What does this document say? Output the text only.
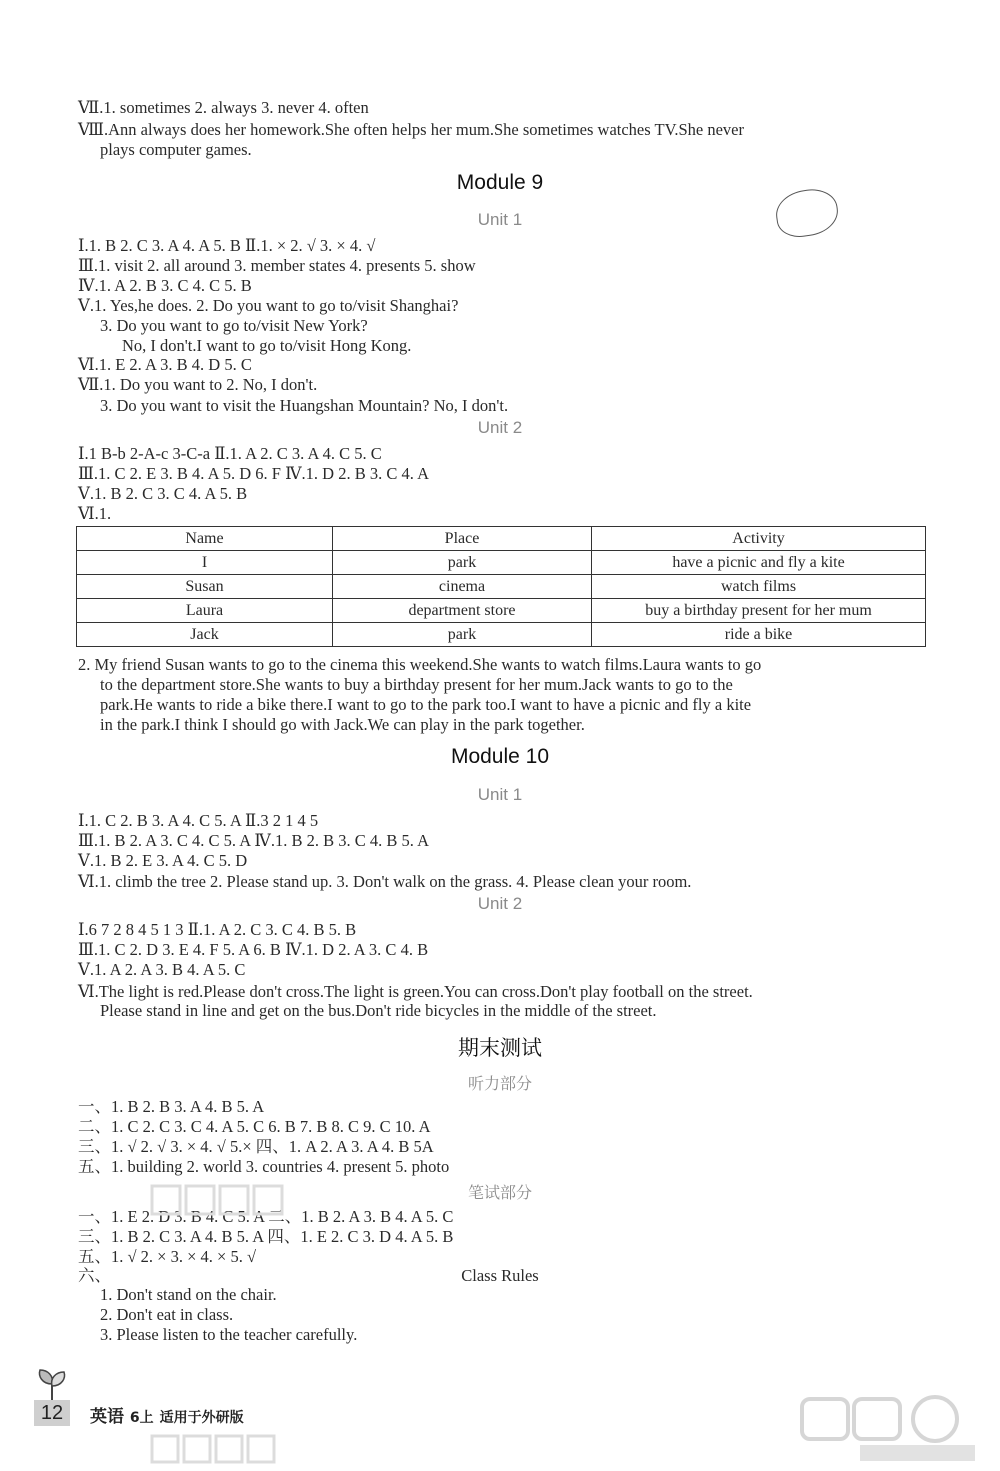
Ⅶ.1. sometimes 2. always 3. never 4. often
Ⅷ.Ann always does her homework.She often helps her mum.She sometimes watches TV.She never
plays computer games.
Module 9

Unit 1
Ⅰ.1. B 2. C 3. A 4. A 5. B Ⅱ.1. × 2. √ 3. × 4. √
Ⅲ.1. visit 2. all around 3. member states 4. presents 5. show
Ⅳ.1. A 2. B 3. C 4. C 5. B
Ⅴ.1. Yes,he does. 2. Do you want to go to/visit Shanghai?
3. Do you want to go to/visit New York?
No, I don't.I want to go to/visit Hong Kong.
Ⅵ.1. E 2. A 3. B 4. D 5. C
Ⅶ.1. Do you want to 2. No, I don't.
3. Do you want to visit the Huangshan Mountain? No, I don't.
Unit 2
Ⅰ.1 B-b 2-A-c 3-C-a Ⅱ.1. A 2. C 3. A 4. C 5. C
Ⅲ.1. C 2. E 3. B 4. A 5. D 6. F Ⅳ.1. D 2. B 3. C 4. A
Ⅴ.1. B 2. C 3. C 4. A 5. B
Ⅵ.1.
Name	Place	Activity
I	park	have a picnic and fly a kite
Susan	cinema	watch films
Laura	department store	buy a birthday present for her mum
Jack	park	ride a bike
2. My friend Susan wants to go to the cinema this weekend.She wants to watch films.Laura wants to go
to the department store.She wants to buy a birthday present for her mum.Jack wants to go to the
park.He wants to ride a bike there.I want to go to the park too.I want to have a picnic and fly a kite
in the park.I think I should go with Jack.We can play in the park together.
Module 10
Unit 1
Ⅰ.1. C 2. B 3. A 4. C 5. A Ⅱ.3 2 1 4 5
Ⅲ.1. B 2. A 3. C 4. C 5. A Ⅳ.1. B 2. B 3. C 4. B 5. A
Ⅴ.1. B 2. E 3. A 4. C 5. D
Ⅵ.1. climb the tree 2. Please stand up. 3. Don't walk on the grass. 4. Please clean your room.
Unit 2
Ⅰ.6 7 2 8 4 5 1 3 Ⅱ.1. A 2. C 3. C 4. B 5. B
Ⅲ.1. C 2. D 3. E 4. F 5. A 6. B Ⅳ.1. D 2. A 3. C 4. B
Ⅴ.1. A 2. A 3. B 4. A 5. C
Ⅵ.The light is red.Please don't cross.The light is green.You can cross.Don't play football on the street.
Please stand in line and get on the bus.Don't ride bicycles in the middle of the street.
期末测试
听力部分
一、1. B 2. B 3. A 4. B 5. A
二、1. C 2. C 3. C 4. A 5. C 6. B 7. B 8. C 9. C 10. A
三、1. √ 2. √ 3. × 4. √ 5.× 四、1. A 2. A 3. A 4. B 5A
五、1. building 2. world 3. countries 4. present 5. photo
笔试部分
一、1. E 2. D 3. B 4. C 5. A 二、1. B 2. A 3. B 4. A 5. C
三、1. B 2. C 3. A 4. B 5. A 四、1. E 2. C 3. D 4. A 5. B
五、1. √ 2. × 3. × 4. × 5. √
六、	Class Rules
1. Don't stand on the chair.
2. Don't eat in class.
3. Please listen to the teacher carefully.
12	英语 6上 适用于外研版
